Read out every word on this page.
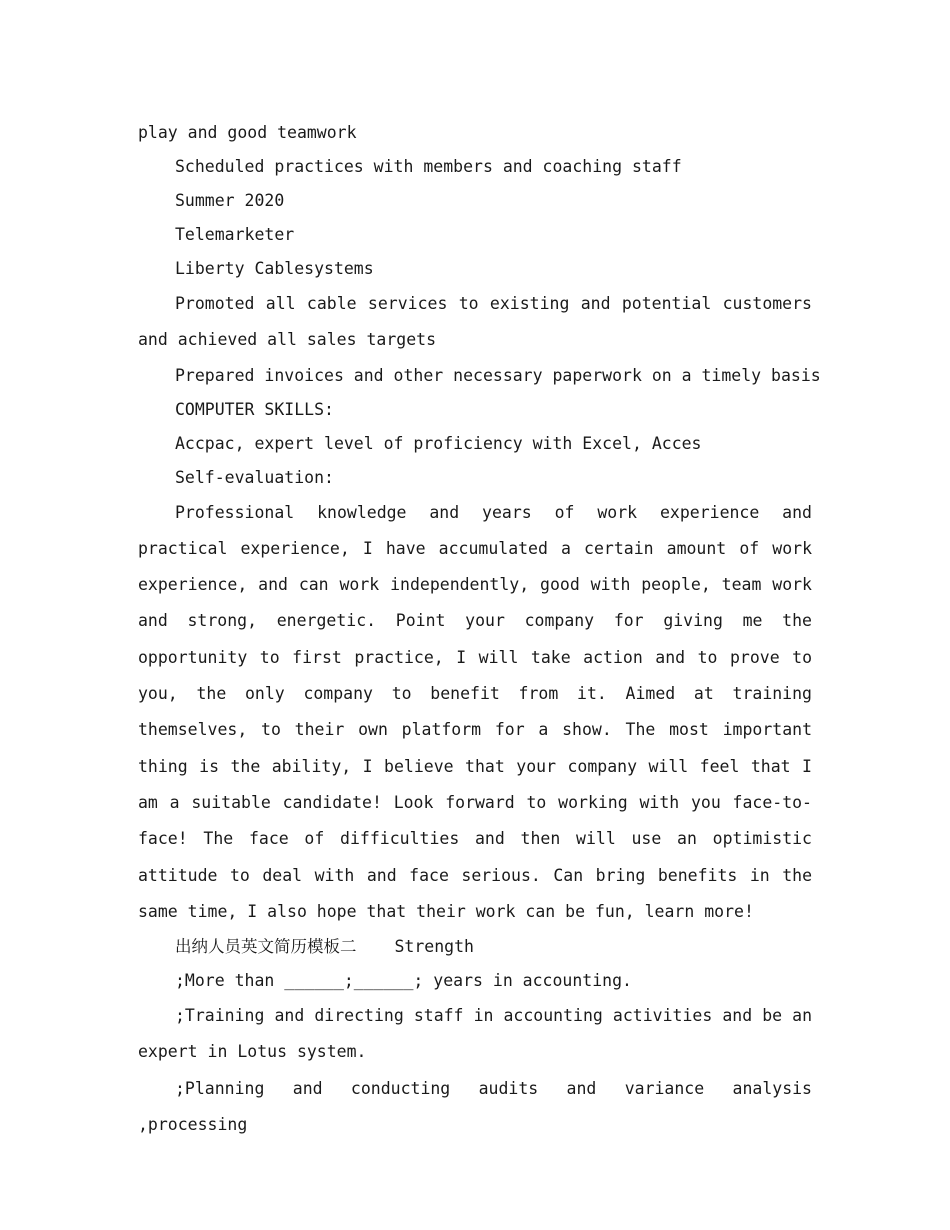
play and good teamwork
Scheduled practices with members and coaching staff
Summer 2020
Telemarketer
Liberty Cablesystems

Promoted all cable services to existing and potential customers and achieved all sales targets

Prepared invoices and other necessary paperwork on a timely basis
COMPUTER SKILLS:
Accpac, expert level of proficiency with Excel, Acces
Self-evaluation:

Professional knowledge and years of work experience and practical experience, I have accumulated a certain amount of work experience, and can work independently, good with people, team work and strong, energetic. Point your company for giving me the opportunity to first practice, I will take action and to prove to you, the only company to benefit from it. Aimed at training themselves, to their own platform for a show. The most important thing is the ability, I believe that your company will feel that I am a suitable candidate! Look forward to working with you face-to-face! The face of difficulties and then will use an optimistic attitude to deal with and face serious. Can bring benefits in the same time, I also hope that their work can be fun, learn more!

出纳人员英文简历模板二 Strength
;More than ______;______; years in accounting.

;Training and directing staff in accounting activities and be an expert in Lotus system.

;Planning and conducting audits and variance analysis ,processing
